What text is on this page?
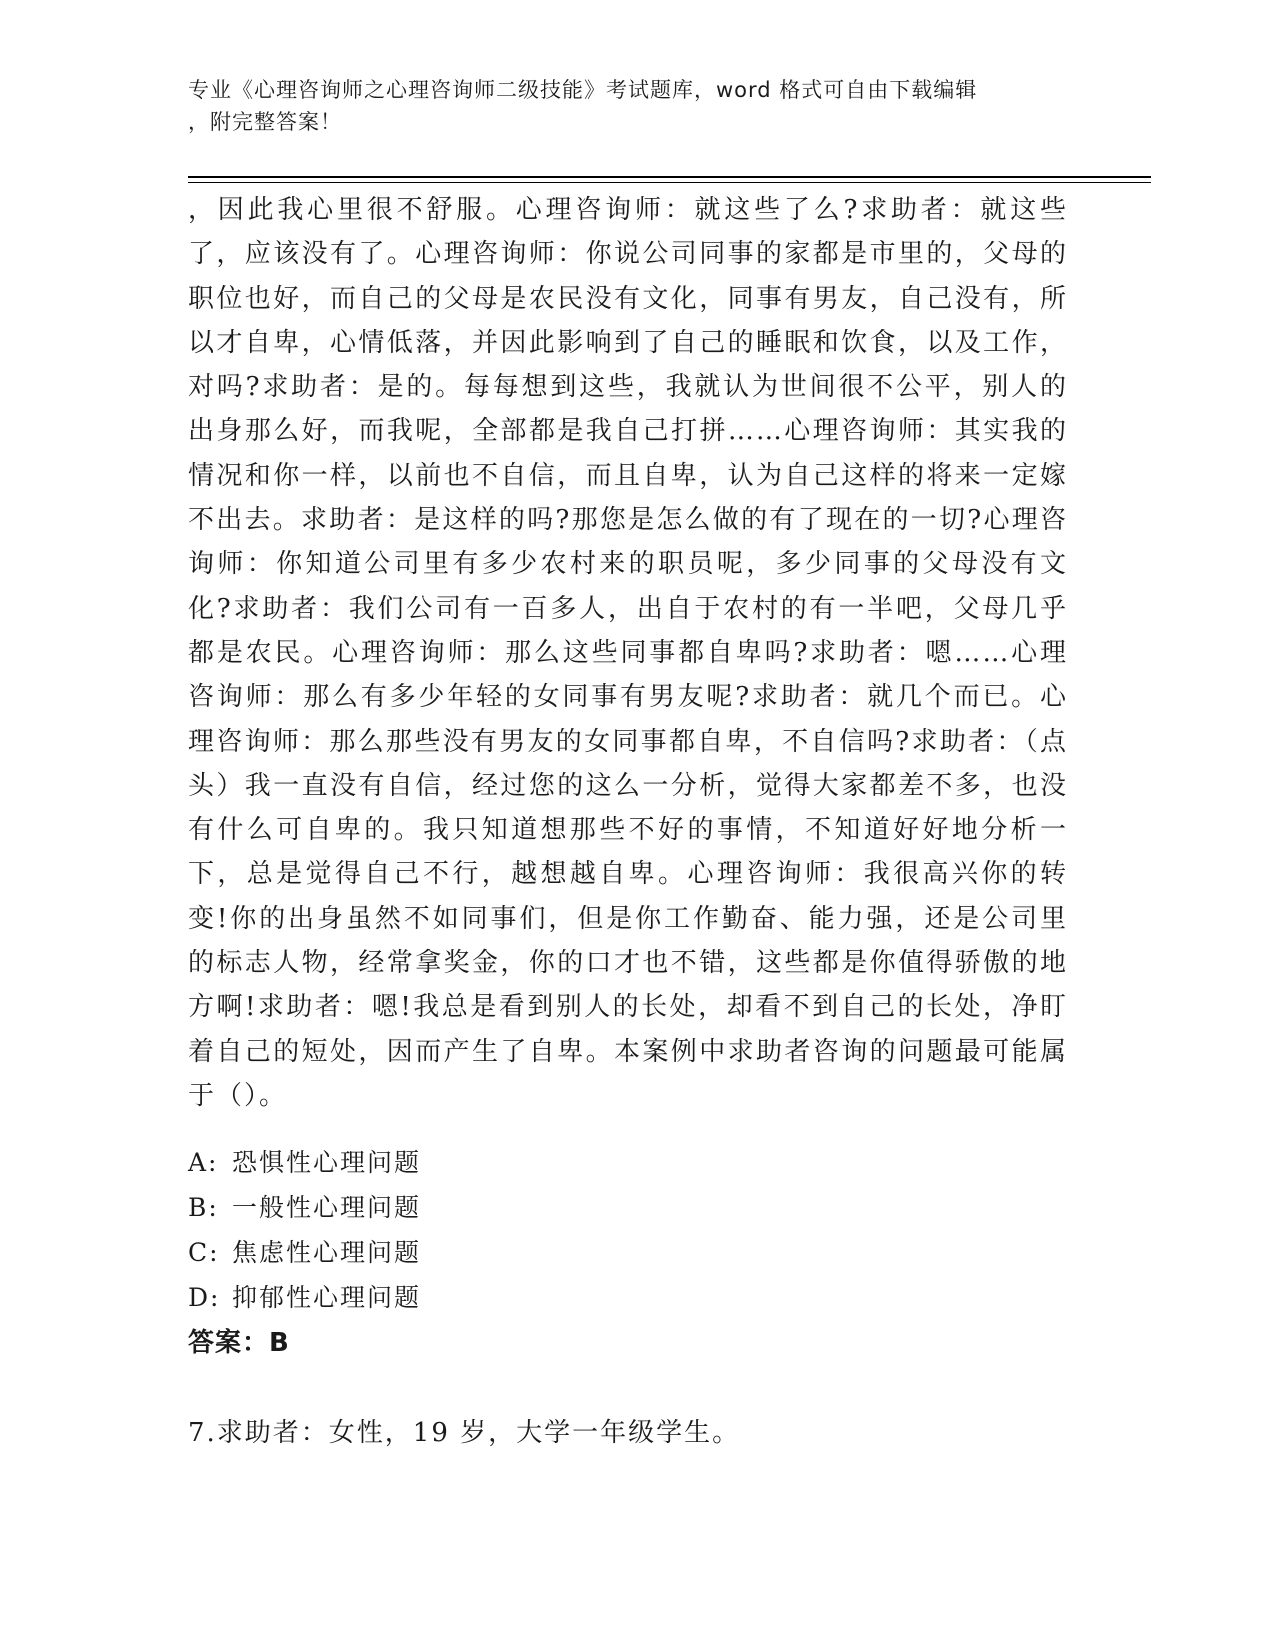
专业《心理咨询师之心理咨询师二级技能》考试题库，word 格式可自由下载编辑
，附完整答案！
，因此我心里很不舒服。心理咨询师：就这些了么?求助者：就这些了，应该没有了。心理咨询师：你说公司同事的家都是市里的，父母的职位也好，而自己的父母是农民没有文化，同事有男友，自己没有，所以才自卑，心情低落，并因此影响到了自己的睡眠和饮食，以及工作，对吗?求助者：是的。每每想到这些，我就认为世间很不公平，别人的出身那么好，而我呢，全部都是我自己打拼……心理咨询师：其实我的情况和你一样，以前也不自信，而且自卑，认为自己这样的将来一定嫁不出去。求助者：是这样的吗?那您是怎么做的有了现在的一切?心理咨询师：你知道公司里有多少农村来的职员呢，多少同事的父母没有文化?求助者：我们公司有一百多人，出自于农村的有一半吧，父母几乎都是农民。心理咨询师：那么这些同事都自卑吗?求助者：嗯……心理咨询师：那么有多少年轻的女同事有男友呢?求助者：就几个而已。心理咨询师：那么那些没有男友的女同事都自卑，不自信吗?求助者：（点头）我一直没有自信，经过您的这么一分析，觉得大家都差不多，也没有什么可自卑的。我只知道想那些不好的事情，不知道好好地分析一下，总是觉得自己不行，越想越自卑。心理咨询师：我很高兴你的转变!你的出身虽然不如同事们，但是你工作勤奋、能力强，还是公司里的标志人物，经常拿奖金，你的口才也不错，这些都是你值得骄傲的地方啊!求助者：嗯!我总是看到别人的长处，却看不到自己的长处，净盯着自己的短处，因而产生了自卑。本案例中求助者咨询的问题最可能属于（）。
A: 恐惧性心理问题
B: 一般性心理问题
C: 焦虑性心理问题
D: 抑郁性心理问题
答案：B
7.求助者：女性，19 岁，大学一年级学生。
